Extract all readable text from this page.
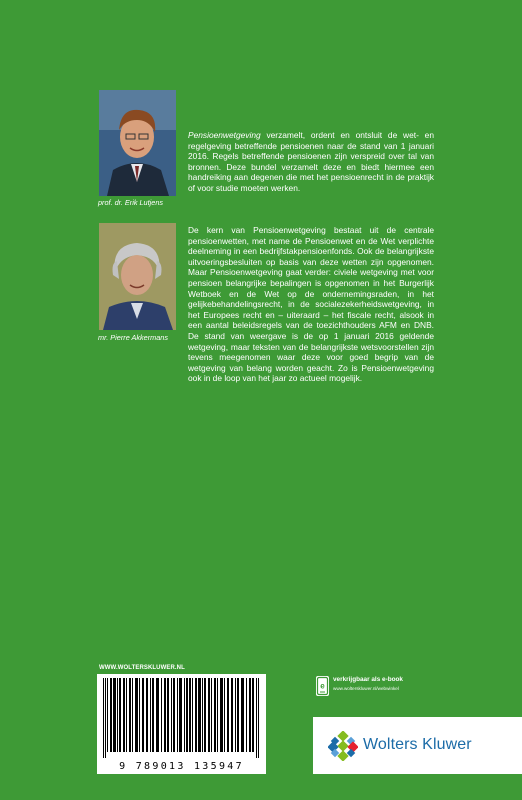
prof. dr. Erik Lutjens
mr. Pierre Akkermans

Pensioenwetgeving verzamelt, ordent en ontsluit de wet- en regelgeving betreffende pensioenen naar de stand van 1 januari 2016. Regels betreffende pensioenen zijn verspreid over tal van bronnen. Deze bundel verzamelt deze en biedt hiermee een handreiking aan degenen die met het pensioenrecht in de praktijk of voor studie moeten werken.

De kern van Pensioenwetgeving bestaat uit de centrale pensioenwetten, met name de Pensioenwet en de Wet verplichte deelneming in een bedrijfstakpensioenfonds. Ook de belangrijkste uitvoeringsbesluiten op basis van deze wetten zijn opgenomen. Maar Pensioenwetgeving gaat verder: civiele wetgeving met voor pensioen belangrijke bepalingen is opgenomen in het Burgerlijk Wetboek en de Wet op de ondernemingsraden, in het gelijkebehandelingsrecht, in de socialezekerheidswetgeving, in het Europees recht en – uiteraard – het fiscale recht, alsook in een aantal beleidsregels van de toezichthouders AFM en DNB. De stand van weergave is de op 1 januari 2016 geldende wetgeving, maar teksten van de belangrijkste wetsvoorstellen zijn tevens meegenomen waar deze voor goed begrip van de wetgeving van belang worden geacht. Zo is Pensioenwetgeving ook in de loop van het jaar zo actueel mogelijk.

WWW.WOLTERSKLUWER.NL
9 789013 135947
e
verkrijgbaar als e-book
www.wolterskluwer.nl/webwinkel
Wolters Kluwer
